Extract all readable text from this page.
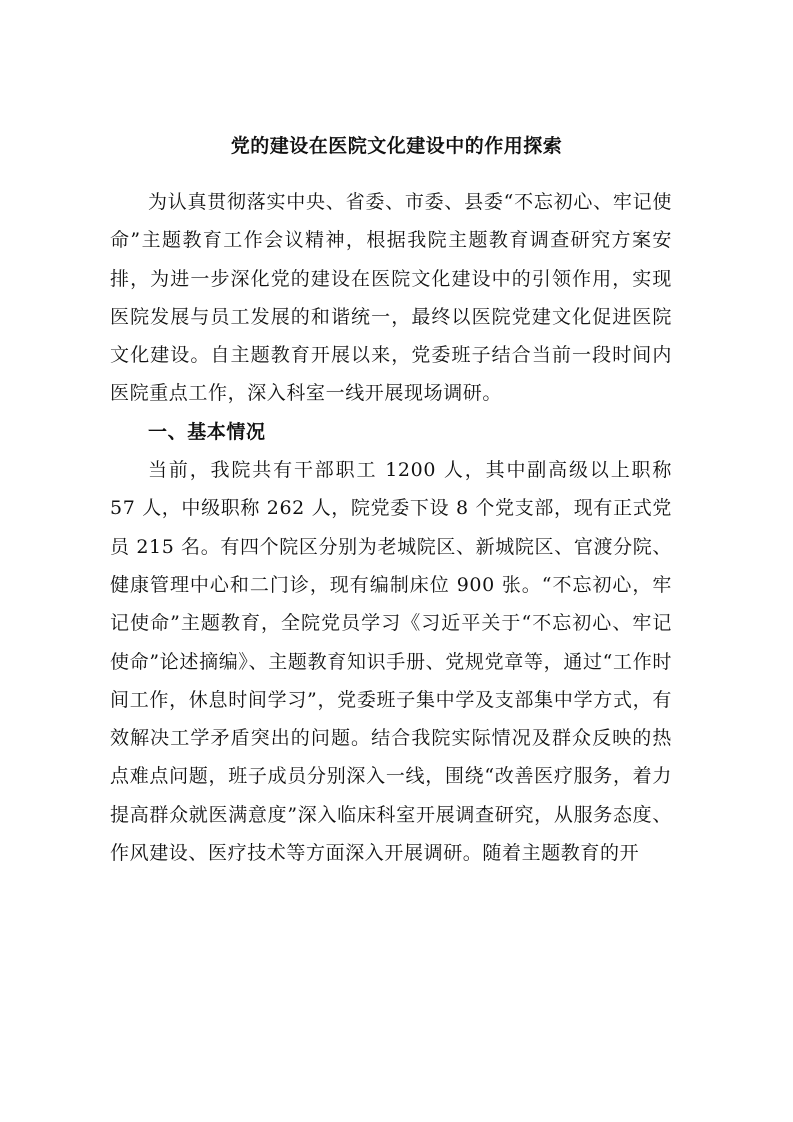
党的建设在医院文化建设中的作用探索

为认真贯彻落实中央、省委、市委、县委“不忘初心、牢记使命”主题教育工作会议精神，根据我院主题教育调查研究方案安排，为进一步深化党的建设在医院文化建设中的引领作用，实现医院发展与员工发展的和谐统一，最终以医院党建文化促进医院文化建设。自主题教育开展以来，党委班子结合当前一段时间内医院重点工作，深入科室一线开展现场调研。

一、基本情况

当前，我院共有干部职工 1200 人，其中副高级以上职称 57 人，中级职称 262 人，院党委下设 8 个党支部，现有正式党员 215 名。有四个院区分别为老城院区、新城院区、官渡分院、健康管理中心和二门诊，现有编制床位 900 张。“不忘初心，牢记使命”主题教育，全院党员学习《习近平关于“不忘初心、牢记使命”论述摘编》、主题教育知识手册、党规党章等，通过“工作时间工作，休息时间学习”，党委班子集中学及支部集中学方式，有效解决工学矛盾突出的问题。结合我院实际情况及群众反映的热点难点问题，班子成员分别深入一线，围绕“改善医疗服务，着力提高群众就医满意度”深入临床科室开展调查研究，从服务态度、作风建设、医疗技术等方面深入开展调研。随着主题教育的开
